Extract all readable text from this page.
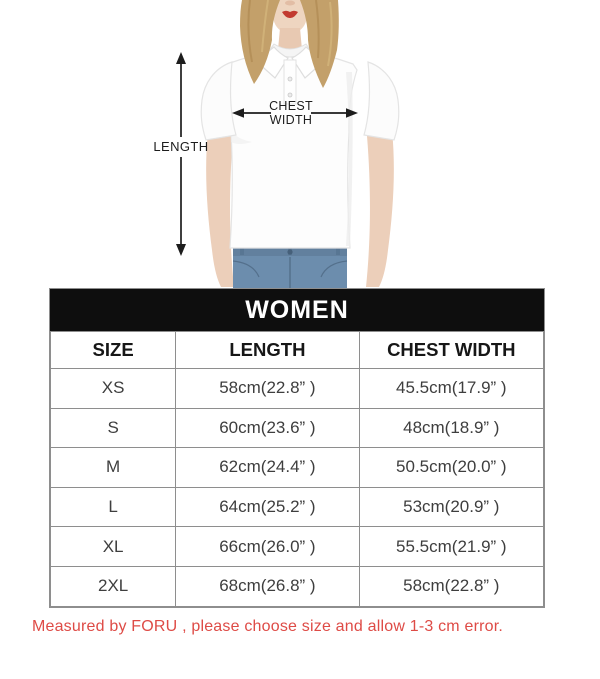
LENGTH
CHEST
WIDTH
WOMEN
SIZE	LENGTH	CHEST WIDTH
XS	58cm(22.8” )	45.5cm(17.9” )
S	60cm(23.6” )	48cm(18.9” )
M	62cm(24.4” )	50.5cm(20.0” )
L	64cm(25.2” )	53cm(20.9” )
XL	66cm(26.0” )	55.5cm(21.9” )
2XL	68cm(26.8” )	58cm(22.8” )
Measured by FORU , please choose size and allow 1-3 cm error.
